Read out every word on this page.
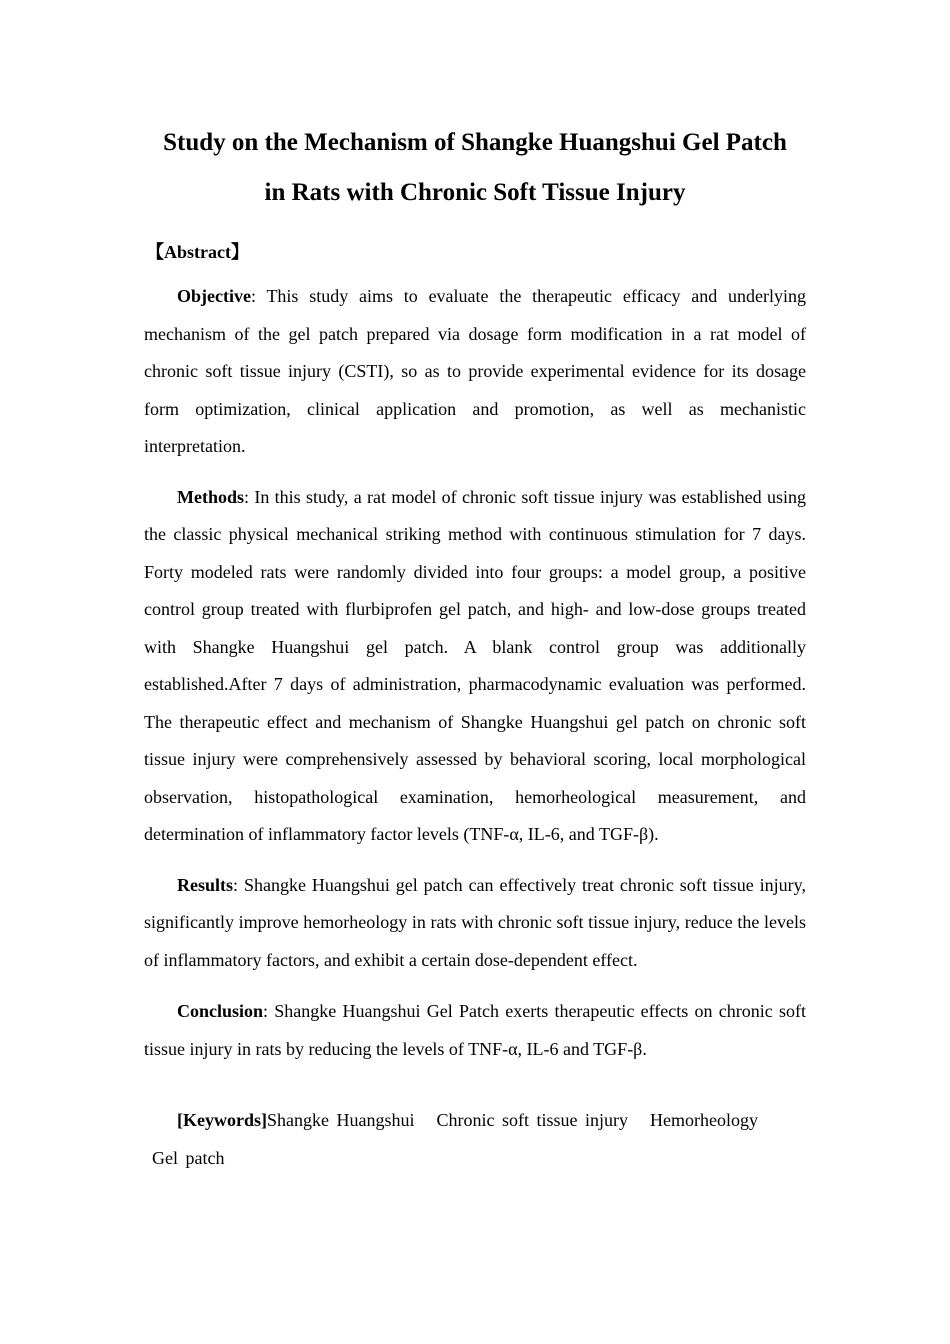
Study on the Mechanism of Shangke Huangshui Gel Patch
in Rats with Chronic Soft Tissue Injury
【Abstract】

Objective: This study aims to evaluate the therapeutic efficacy and underlying mechanism of the gel patch prepared via dosage form modification in a rat model of chronic soft tissue injury (CSTI), so as to provide experimental evidence for its dosage form optimization, clinical application and promotion, as well as mechanistic interpretation.

Methods: In this study, a rat model of chronic soft tissue injury was established using the classic physical mechanical striking method with continuous stimulation for 7 days. Forty modeled rats were randomly divided into four groups: a model group, a positive control group treated with flurbiprofen gel patch, and high- and low-dose groups treated with Shangke Huangshui gel patch. A blank control group was additionally established.After 7 days of administration, pharmacodynamic evaluation was performed. The therapeutic effect and mechanism of Shangke Huangshui gel patch on chronic soft tissue injury were comprehensively assessed by behavioral scoring, local morphological observation, histopathological examination, hemorheological measurement, and determination of inflammatory factor levels (TNF-α, IL-6, and TGF-β).

Results: Shangke Huangshui gel patch can effectively treat chronic soft tissue injury, significantly improve hemorheology in rats with chronic soft tissue injury, reduce the levels of inflammatory factors, and exhibit a certain dose-dependent effect.

Conclusion: Shangke Huangshui Gel Patch exerts therapeutic effects on chronic soft tissue injury in rats by reducing the levels of TNF-α, IL-6 and TGF-β.

[Keywords]Shangke Huangshui Chronic soft tissue injury Hemorheology
Gel patch
